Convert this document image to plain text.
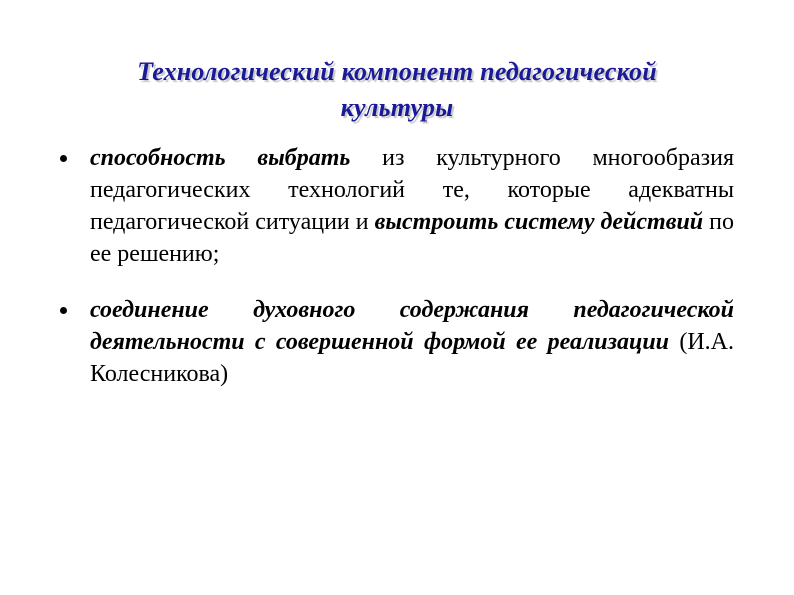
Технологический компонент педагогической
культуры
способность выбрать из культурного многообразия педагогических технологий те, которые адекватны педагогической ситуации и выстроить систему действий по ее решению;
соединение духовного содержания педагогической деятельности с совершенной формой ее реализации (И.А. Колесникова)
